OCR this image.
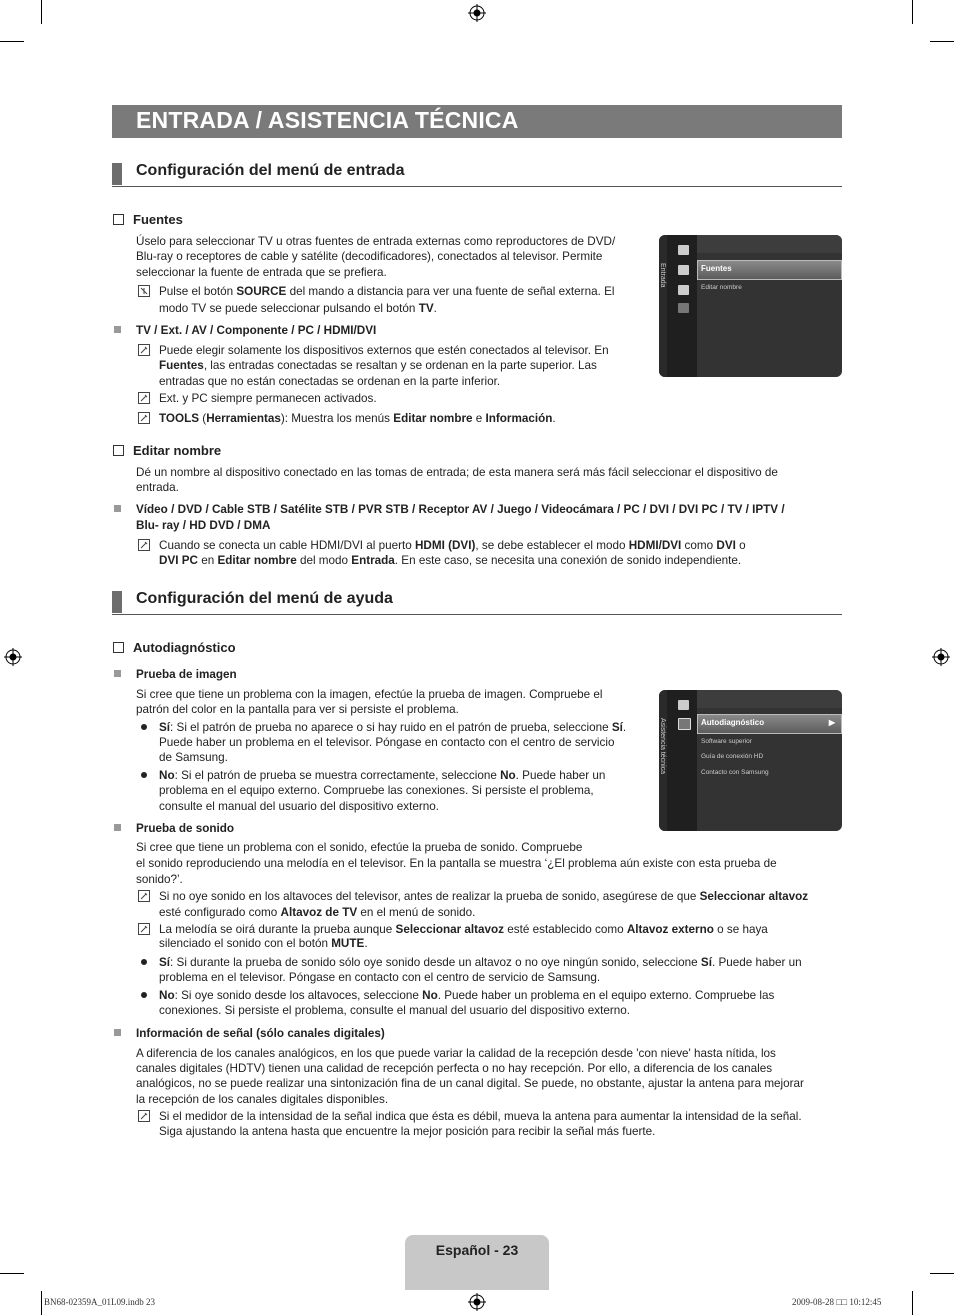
ENTRADA / ASISTENCIA TÉCNICA
Configuración del menú de entrada
Fuentes
Úselo para seleccionar TV u otras fuentes de entrada externas como reproductores de DVD/
Blu-ray o receptores de cable y satélite (decodificadores), conectados al televisor. Permite
seleccionar la fuente de entrada que se prefiera.
Pulse el botón SOURCE del mando a distancia para ver una fuente de señal externa. El
modo TV se puede seleccionar pulsando el botón TV.
TV / Ext. / AV / Componente / PC / HDMI/DVI
Puede elegir solamente los dispositivos externos que estén conectados al televisor. En
Fuentes, las entradas conectadas se resaltan y se ordenan en la parte superior. Las
entradas que no están conectadas se ordenan en la parte inferior.
Ext. y PC siempre permanecen activados.
TOOLS (Herramientas): Muestra los menús Editar nombre e Información.
Entrada	Fuentes
Editar nombre
Editar nombre
Dé un nombre al dispositivo conectado en las tomas de entrada; de esta manera será más fácil seleccionar el dispositivo de
entrada.
Vídeo / DVD / Cable STB / Satélite STB / PVR STB / Receptor AV / Juego / Videocámara / PC / DVI / DVI PC / TV / IPTV /
Blu- ray / HD DVD / DMA
Cuando se conecta un cable HDMI/DVI al puerto HDMI (DVI), se debe establecer el modo HDMI/DVI como DVI o
DVI PC en Editar nombre del modo Entrada. En este caso, se necesita una conexión de sonido independiente.
Configuración del menú de ayuda
Autodiagnóstico
Prueba de imagen
Si cree que tiene un problema con la imagen, efectúe la prueba de imagen. Compruebe el
patrón del color en la pantalla para ver si persiste el problema.
Sí: Si el patrón de prueba no aparece o si hay ruido en el patrón de prueba, seleccione Sí.
Puede haber un problema en el televisor. Póngase en contacto con el centro de servicio
de Samsung.
No: Si el patrón de prueba se muestra correctamente, seleccione No. Puede haber un
problema en el equipo externo. Compruebe las conexiones. Si persiste el problema,
consulte el manual del usuario del dispositivo externo.
Asistencia técnica	Autodiagnóstico	▶
Software superior
Guía de conexión HD
Contacto con Samsung
Prueba de sonido
Si cree que tiene un problema con el sonido, efectúe la prueba de sonido. Compruebe
el sonido reproduciendo una melodía en el televisor. En la pantalla se muestra ‘¿El problema aún existe con esta prueba de
sonido?’.
Si no oye sonido en los altavoces del televisor, antes de realizar la prueba de sonido, asegúrese de que Seleccionar altavoz
esté configurado como Altavoz de TV en el menú de sonido.
La melodía se oirá durante la prueba aunque Seleccionar altavoz esté establecido como Altavoz externo o se haya
silenciado el sonido con el botón MUTE.
Sí: Si durante la prueba de sonido sólo oye sonido desde un altavoz o no oye ningún sonido, seleccione Sí. Puede haber un
problema en el televisor. Póngase en contacto con el centro de servicio de Samsung.
No: Si oye sonido desde los altavoces, seleccione No. Puede haber un problema en el equipo externo. Compruebe las
conexiones. Si persiste el problema, consulte el manual del usuario del dispositivo externo.
Información de señal (sólo canales digitales)
A diferencia de los canales analógicos, en los que puede variar la calidad de la recepción desde 'con nieve' hasta nítida, los
canales digitales (HDTV) tienen una calidad de recepción perfecta o no hay recepción. Por ello, a diferencia de los canales
analógicos, no se puede realizar una sintonización fina de un canal digital. Se puede, no obstante, ajustar la antena para mejorar
la recepción de los canales digitales disponibles.
Si el medidor de la intensidad de la señal indica que ésta es débil, mueva la antena para aumentar la intensidad de la señal.
Siga ajustando la antena hasta que encuentre la mejor posición para recibir la señal más fuerte.
Español - 23
BN68-02359A_01L09.indb 23	2009-08-28 □□ 10:12:45
